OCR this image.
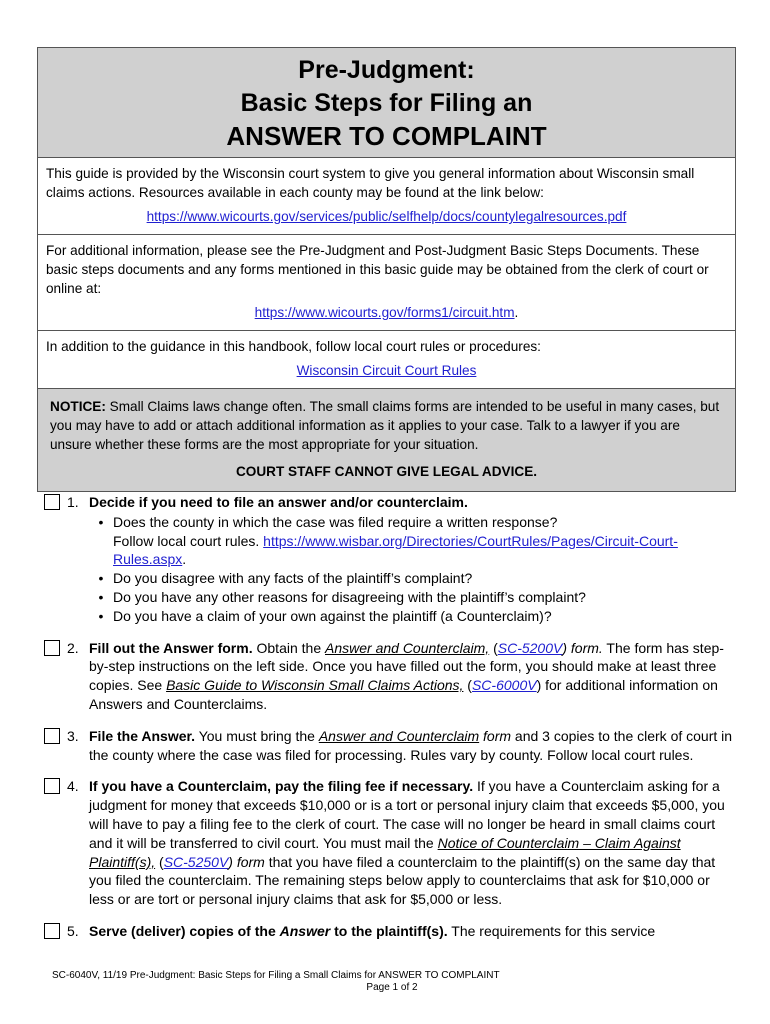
Pre-Judgment:
Basic Steps for Filing an
ANSWER TO COMPLAINT
This guide is provided by the Wisconsin court system to give you general information about Wisconsin small claims actions. Resources available in each county may be found at the link below:
https://www.wicourts.gov/services/public/selfhelp/docs/countylegalresources.pdf
For additional information, please see the Pre-Judgment and Post-Judgment Basic Steps Documents. These basic steps documents and any forms mentioned in this basic guide may be obtained from the clerk of court or online at:
https://www.wicourts.gov/forms1/circuit.htm.
In addition to the guidance in this handbook, follow local court rules or procedures:
Wisconsin Circuit Court Rules
NOTICE: Small Claims laws change often. The small claims forms are intended to be useful in many cases, but you may have to add or attach additional information as it applies to your case. Talk to a lawyer if you are unsure whether these forms are the most appropriate for your situation.
COURT STAFF CANNOT GIVE LEGAL ADVICE.
1. Decide if you need to file an answer and/or counterclaim.
• Does the county in which the case was filed require a written response?
Follow local court rules. https://www.wisbar.org/Directories/CourtRules/Pages/Circuit-Court-Rules.aspx.
• Do you disagree with any facts of the plaintiff’s complaint?
• Do you have any other reasons for disagreeing with the plaintiff’s complaint?
• Do you have a claim of your own against the plaintiff (a Counterclaim)?
2. Fill out the Answer form. Obtain the Answer and Counterclaim, (SC-5200V) form. The form has step-by-step instructions on the left side. Once you have filled out the form, you should make at least three copies. See Basic Guide to Wisconsin Small Claims Actions, (SC-6000V) for additional information on Answers and Counterclaims.
3. File the Answer. You must bring the Answer and Counterclaim form and 3 copies to the clerk of court in the county where the case was filed for processing. Rules vary by county. Follow local court rules.
4. If you have a Counterclaim, pay the filing fee if necessary. If you have a Counterclaim asking for a judgment for money that exceeds $10,000 or is a tort or personal injury claim that exceeds $5,000, you will have to pay a filing fee to the clerk of court. The case will no longer be heard in small claims court and it will be transferred to civil court. You must mail the Notice of Counterclaim – Claim Against Plaintiff(s), (SC-5250V) form that you have filed a counterclaim to the plaintiff(s) on the same day that you filed the counterclaim. The remaining steps below apply to counterclaims that ask for $10,000 or less or are tort or personal injury claims that ask for $5,000 or less.
5. Serve (deliver) copies of the Answer to the plaintiff(s). The requirements for this service
SC-6040V, 11/19 Pre-Judgment: Basic Steps for Filing a Small Claims for ANSWER TO COMPLAINT
Page 1 of 2
